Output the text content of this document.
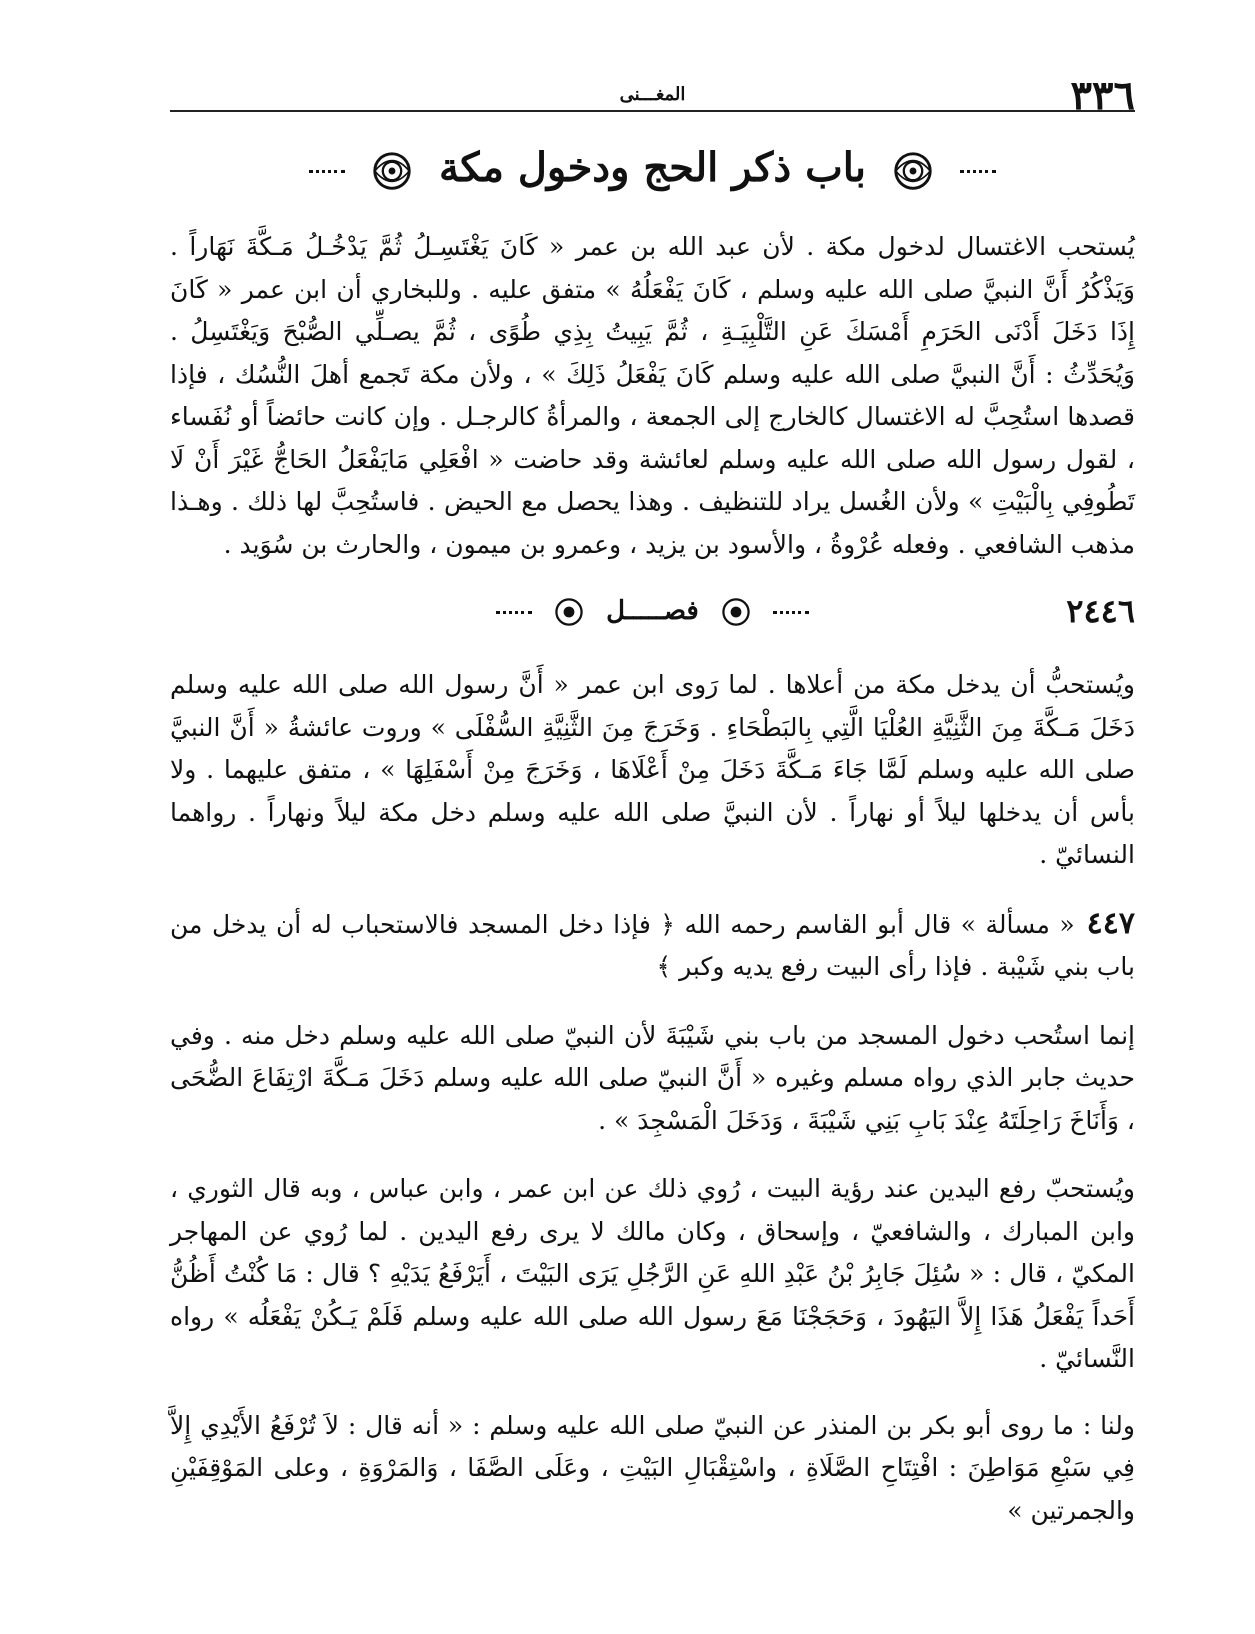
٣٣٦
المغـــنى
باب ذكر الحج ودخول مكة

يُستحب الاغتسال لدخول مكة . لأن عبد الله بن عمر « كَانَ يَغْتَسِـلُ ثُمَّ يَدْخُـلُ مَـكَّةَ نَهَاراً . وَيَذْكُرُ أَنَّ النبيَّ صلى الله عليه وسلم ، كَانَ يَفْعَلُهُ » متفق عليه . وللبخاري أن ابن عمر « كَانَ إِذَا دَخَلَ أَدْنَى الحَرَمِ أَمْسَكَ عَنِ التَّلْبِيَـةِ ، ثُمَّ يَبِيتُ بِذِي طُوًى ، ثُمَّ يصـلِّي الصُّبْحَ وَيَغْتَسِلُ . وَيُحَدِّثُ : أَنَّ النبيَّ صلى الله عليه وسلم كَانَ يَفْعَلُ ذَلِكَ » ، ولأن مكة تَجمع أهلَ النُّسُك ، فإذا قصدها استُحِبَّ له الاغتسال كالخارج إلى الجمعة ، والمرأةُ كالرجـل . وإن كانت حائضاً أو نُفَساء ، لقول رسول الله صلى الله عليه وسلم لعائشة وقد حاضت « افْعَلِي مَايَفْعَلُ الحَاجُّ غَيْرَ أَنْ لَا تَطُوفِي بِالْبَيْتِ » ولأن الغُسل يراد للتنظيف . وهذا يحصل مع الحيض . فاستُحِبَّ لها ذلك . وهـذا مذهب الشافعي . وفعله عُرْوةُ ، والأسود بن يزيد ، وعمرو بن ميمون ، والحارث بن سُوَيد .

٢٤٤٦
فصـــــل

ويُستحبُّ أن يدخل مكة من أعلاها . لما رَوى ابن عمر « أَنَّ رسول الله صلى الله عليه وسلم دَخَلَ مَـكَّةَ مِنَ الثَّنِيَّةِ العُلْيَا الَّتِي بِالبَطْحَاءِ . وَخَرَجَ مِنَ الثَّنِيَّةِ السُّفْلَى » وروت عائشةُ « أَنَّ النبيَّ صلى الله عليه وسلم لَمَّا جَاءَ مَـكَّةَ دَخَلَ مِنْ أَعْلَاهَا ، وَخَرَجَ مِنْ أَسْفَلِهَا » ، متفق عليهما . ولا بأس أن يدخلها ليلاً أو نهاراً . لأن النبيَّ صلى الله عليه وسلم دخل مكة ليلاً ونهاراً . رواهما النسائيّ .

٤٤٧« مسألة » قال أبو القاسم رحمه الله ﴿ فإذا دخل المسجد فالاستحباب له أن يدخل من باب بني شَيْبة . فإذا رأى البيت رفع يديه وكبر ﴾

إنما استُحب دخول المسجد من باب بني شَيْبَةَ لأن النبيّ صلى الله عليه وسلم دخل منه . وفي حديث جابر الذي رواه مسلم وغيره « أَنَّ النبيّ صلى الله عليه وسلم دَخَلَ مَـكَّةَ ارْتِفَاعَ الضُّحَى ، وَأَنَاخَ رَاحِلَتَهُ عِنْدَ بَابِ بَنِي شَيْبَةَ ، وَدَخَلَ الْمَسْجِدَ » .

ويُستحبّ رفع اليدين عند رؤية البيت ، رُوي ذلك عن ابن عمر ، وابن عباس ، وبه قال الثوري ، وابن المبارك ، والشافعيّ ، وإسحاق ، وكان مالك لا يرى رفع اليدين . لما رُوي عن المهاجر المكيّ ، قال : « سُئِلَ جَابِرُ بْنُ عَبْدِ اللهِ عَنِ الرَّجُلِ يَرَى البَيْتَ ، أَيَرْفَعُ يَدَيْهِ ؟ قال : مَا كُنْتُ أَظُنُّ أَحَداً يَفْعَلُ هَذَا إِلاَّ اليَهُودَ ، وَحَجَجْنَا مَعَ رسول الله صلى الله عليه وسلم فَلَمْ يَـكُنْ يَفْعَلُه » رواه النَّسائيّ .

ولنا : ما روى أبو بكر بن المنذر عن النبيّ صلى الله عليه وسلم : « أنه قال : لاَ تُرْفَعُ الأَيْدِي إِلاَّ فِي سَبْعِ مَوَاطِنَ : افْتِتَاحِ الصَّلَاةِ ، واسْتِقْبَالِ البَيْتِ ، وعَلَى الصَّفَا ، وَالمَرْوَةِ ، وعلى المَوْقِفَيْنِ والجمرتين »
